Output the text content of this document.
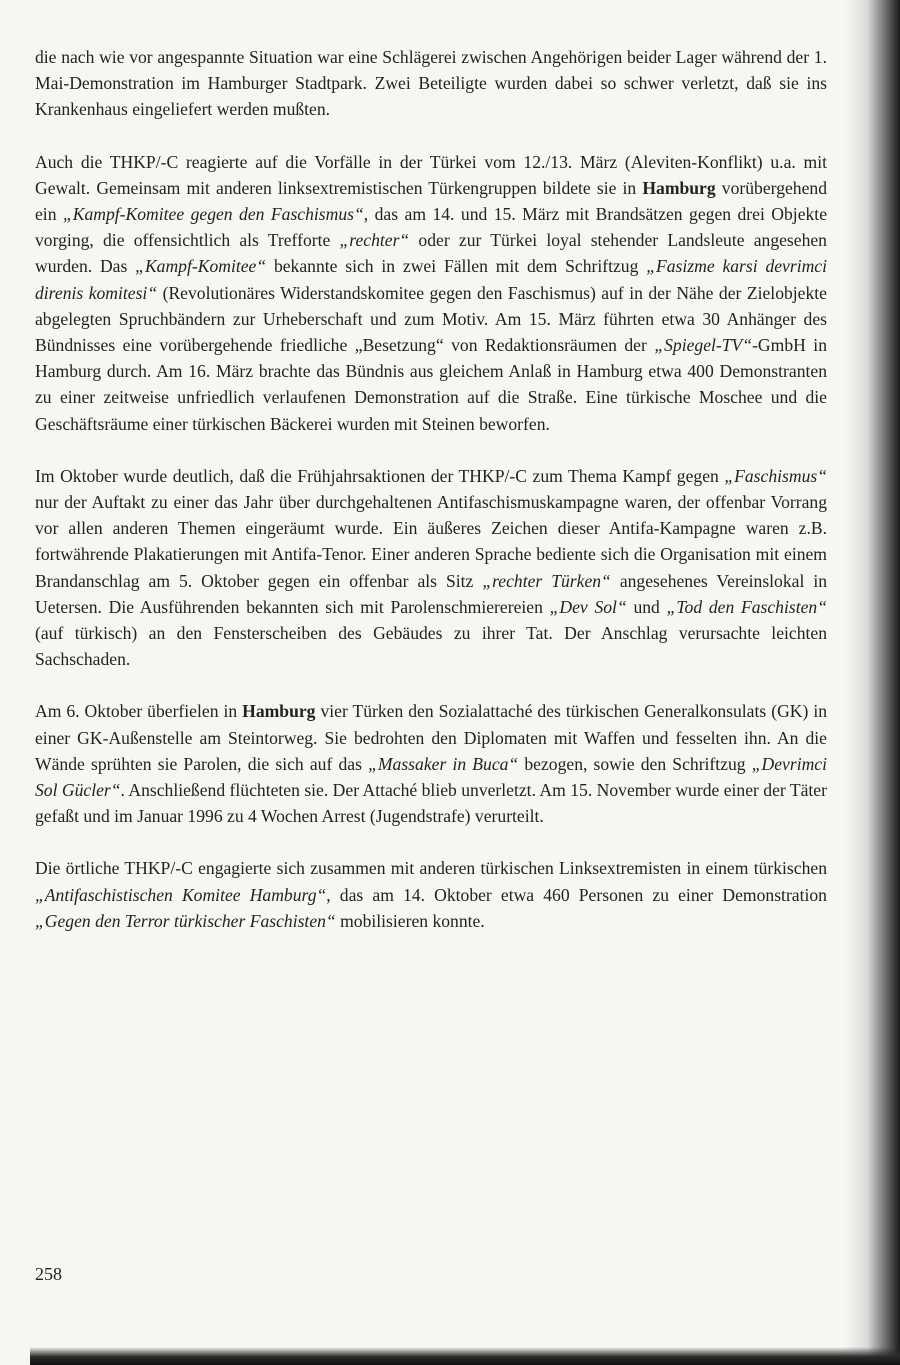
die nach wie vor angespannte Situation war eine Schlägerei zwischen Angehörigen beider Lager während der 1. Mai-Demonstration im Hamburger Stadtpark. Zwei Beteiligte wurden dabei so schwer verletzt, daß sie ins Krankenhaus eingeliefert werden mußten.

Auch die THKP/-C reagierte auf die Vorfälle in der Türkei vom 12./13. März (Aleviten-Konflikt) u.a. mit Gewalt. Gemeinsam mit anderen linksextremistischen Türkengruppen bildete sie in Hamburg vorübergehend ein „Kampf-Komitee gegen den Faschismus“, das am 14. und 15. März mit Brandsätzen gegen drei Objekte vorging, die offensichtlich als Trefforte „rechter“ oder zur Türkei loyal stehender Landsleute angesehen wurden. Das „Kampf-Komitee“ bekannte sich in zwei Fällen mit dem Schriftzug „Fasizme karsi devrimci direnis komitesi“ (Revolutionäres Widerstandskomitee gegen den Faschismus) auf in der Nähe der Zielobjekte abgelegten Spruchbändern zur Urheberschaft und zum Motiv. Am 15. März führten etwa 30 Anhänger des Bündnisses eine vorübergehende friedliche „Besetzung“ von Redaktionsräumen der „Spiegel-TV“-GmbH in Hamburg durch. Am 16. März brachte das Bündnis aus gleichem Anlaß in Hamburg etwa 400 Demonstranten zu einer zeitweise unfriedlich verlaufenen Demonstration auf die Straße. Eine türkische Moschee und die Geschäftsräume einer türkischen Bäckerei wurden mit Steinen beworfen.

Im Oktober wurde deutlich, daß die Frühjahrsaktionen der THKP/-C zum Thema Kampf gegen „Faschismus“ nur der Auftakt zu einer das Jahr über durchgehaltenen Antifaschismuskampagne waren, der offenbar Vorrang vor allen anderen Themen eingeräumt wurde. Ein äußeres Zeichen dieser Antifa-Kampagne waren z.B. fortwährende Plakatierungen mit Antifa-Tenor. Einer anderen Sprache bediente sich die Organisation mit einem Brandanschlag am 5. Oktober gegen ein offenbar als Sitz „rechter Türken“ angesehenes Vereinslokal in Uetersen. Die Ausführenden bekannten sich mit Parolenschmierereien „Dev Sol“ und „Tod den Faschisten“ (auf türkisch) an den Fensterscheiben des Gebäudes zu ihrer Tat. Der Anschlag verursachte leichten Sachschaden.

Am 6. Oktober überfielen in Hamburg vier Türken den Sozialattaché des türkischen Generalkonsulats (GK) in einer GK-Außenstelle am Steintorweg. Sie bedrohten den Diplomaten mit Waffen und fesselten ihn. An die Wände sprühten sie Parolen, die sich auf das „Massaker in Buca“ bezogen, sowie den Schriftzug „Devrimci Sol Gücler“. Anschließend flüchteten sie. Der Attaché blieb unverletzt. Am 15. November wurde einer der Täter gefaßt und im Januar 1996 zu 4 Wochen Arrest (Jugendstrafe) verurteilt.

Die örtliche THKP/-C engagierte sich zusammen mit anderen türkischen Linksextremisten in einem türkischen „Antifaschistischen Komitee Hamburg“, das am 14. Oktober etwa 460 Personen zu einer Demonstration „Gegen den Terror türkischer Faschisten“ mobilisieren konnte.

258
